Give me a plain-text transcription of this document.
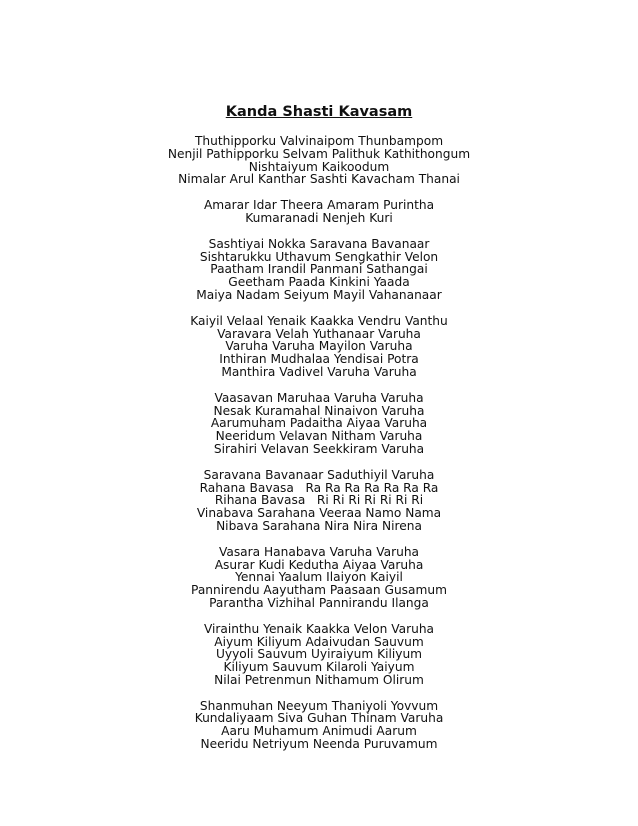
Kanda Shasti Kavasam
Thuthipporku Valvinaipom Thunbampom
Nenjil Pathipporku Selvam Palithuk Kathithongum
Nishtaiyum Kaikoodum
Nimalar Arul Kanthar Sashti Kavacham Thanai
Amarar Idar Theera Amaram Purintha
Kumaranadi Nenjeh Kuri
Sashtiyai Nokka Saravana Bavanaar
Sishtarukku Uthavum Sengkathir Velon
Paatham Irandil Panmani Sathangai
Geetham Paada Kinkini Yaada
Maiya Nadam Seiyum Mayil Vahananaar
Kaiyil Velaal Yenaik Kaakka Vendru Vanthu
Varavara Velah Yuthanaar Varuha
Varuha Varuha Mayilon Varuha
Inthiran Mudhalaa Yendisai Potra
Manthira Vadivel Varuha Varuha
Vaasavan Maruhaa Varuha Varuha
Nesak Kuramahal Ninaivon Varuha
Aarumuham Padaitha Aiyaa Varuha
Neeridum Velavan Nitham Varuha
Sirahiri Velavan Seekkiram Varuha
Saravana Bavanaar Saduthiyil Varuha
Rahana Bavasa   Ra Ra Ra Ra Ra Ra Ra
Rihana Bavasa   Ri Ri Ri Ri Ri Ri Ri
Vinabava Sarahana Veeraa Namo Nama
Nibava Sarahana Nira Nira Nirena
Vasara Hanabava Varuha Varuha
Asurar Kudi Kedutha Aiyaa Varuha
Yennai Yaalum Ilaiyon Kaiyil
Pannirendu Aayutham Paasaan Gusamum
Parantha Vizhihal Pannirandu Ilanga
Virainthu Yenaik Kaakka Velon Varuha
Aiyum Kiliyum Adaivudan Sauvum
Uyyoli Sauvum Uyiraiyum Kiliyum
Kiliyum Sauvum Kilaroli Yaiyum
Nilai Petrenmun Nithamum Olirum
Shanmuhan Neeyum Thaniyoli Yovvum
Kundaliyaam Siva Guhan Thinam Varuha
Aaru Muhamum Animudi Aarum
Neeridu Netriyum Neenda Puruvamum
